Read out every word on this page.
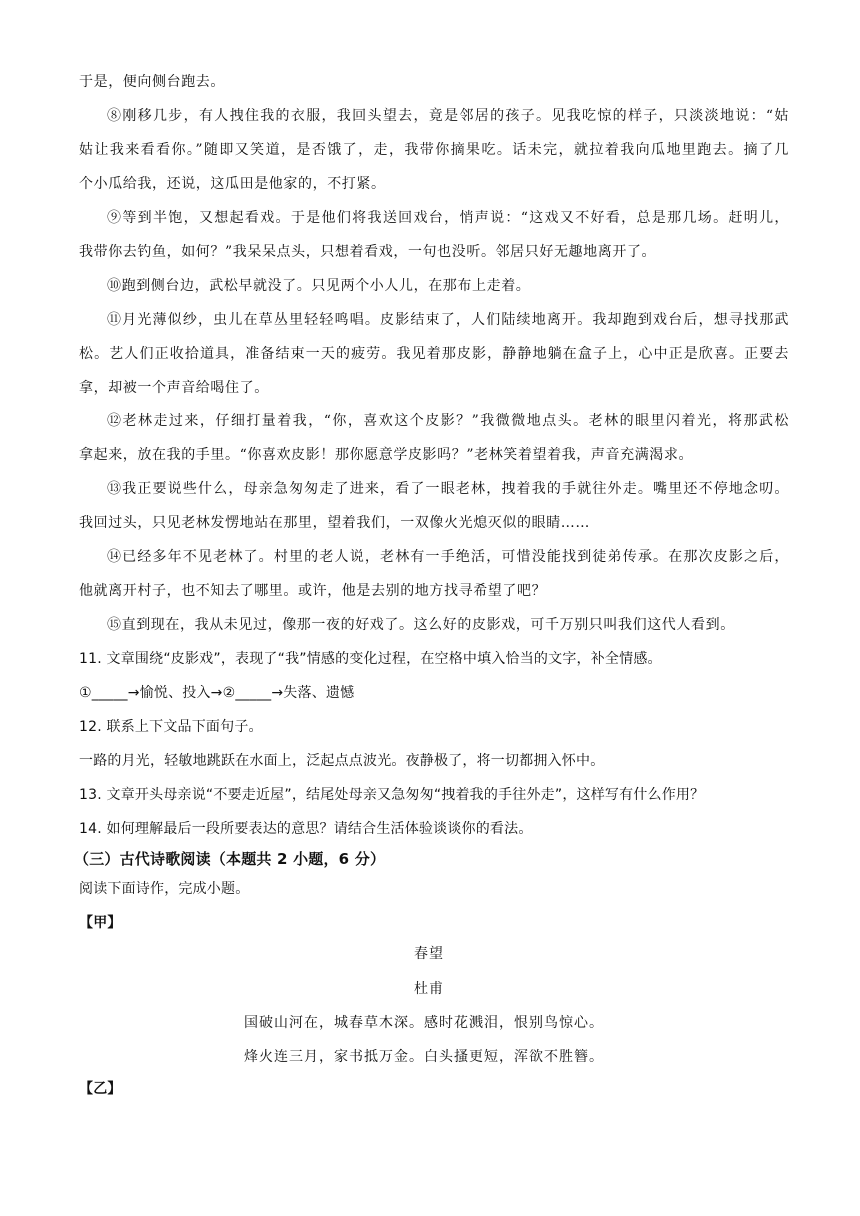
于是，便向侧台跑去。
⑧刚移几步，有人拽住我的衣服，我回头望去，竟是邻居的孩子。见我吃惊的样子，只淡淡地说：“姑
姑让我来看看你。”随即又笑道，是否饿了，走，我带你摘果吃。话未完，就拉着我向瓜地里跑去。摘了几
个小瓜给我，还说，这瓜田是他家的，不打紧。
⑨等到半饱，又想起看戏。于是他们将我送回戏台，悄声说：“这戏又不好看，总是那几场。赶明儿，
我带你去钓鱼，如何？”我呆呆点头，只想着看戏，一句也没听。邻居只好无趣地离开了。
⑩跑到侧台边，武松早就没了。只见两个小人儿，在那布上走着。
⑪月光薄似纱，虫儿在草丛里轻轻鸣唱。皮影结束了，人们陆续地离开。我却跑到戏台后，想寻找那武
松。艺人们正收拾道具，准备结束一天的疲劳。我见着那皮影，静静地躺在盒子上，心中正是欣喜。正要去
拿，却被一个声音给喝住了。
⑫老林走过来，仔细打量着我，“你，喜欢这个皮影？”我微微地点头。老林的眼里闪着光，将那武松
拿起来，放在我的手里。“你喜欢皮影！那你愿意学皮影吗？”老林笑着望着我，声音充满渴求。
⑬我正要说些什么，母亲急匆匆走了进来，看了一眼老林，拽着我的手就往外走。嘴里还不停地念叨。
我回过头，只见老林发愣地站在那里，望着我们，一双像火光熄灭似的眼睛……
⑭已经多年不见老林了。村里的老人说，老林有一手绝活，可惜没能找到徒弟传承。在那次皮影之后，
他就离开村子，也不知去了哪里。或许，他是去别的地方找寻希望了吧？
⑮直到现在，我从未见过，像那一夜的好戏了。这么好的皮影戏，可千万别只叫我们这代人看到。
11. 文章围绕“皮影戏”，表现了“我”情感的变化过程，在空格中填入恰当的文字，补全情感。
①_____→愉悦、投入→②_____→失落、遗憾
12. 联系上下文品下面句子。
一路的月光，轻敏地跳跃在水面上，泛起点点波光。夜静极了，将一切都拥入怀中。
13. 文章开头母亲说“不要走近屋”，结尾处母亲又急匆匆“拽着我的手往外走”，这样写有什么作用？
14. 如何理解最后一段所要表达的意思？请结合生活体验谈谈你的看法。
（三）古代诗歌阅读（本题共 2 小题，6 分）
阅读下面诗作，完成小题。
【甲】
春望
杜甫
国破山河在，城春草木深。感时花溅泪，恨别鸟惊心。
烽火连三月，家书抵万金。白头搔更短，浑欲不胜簪。
【乙】
